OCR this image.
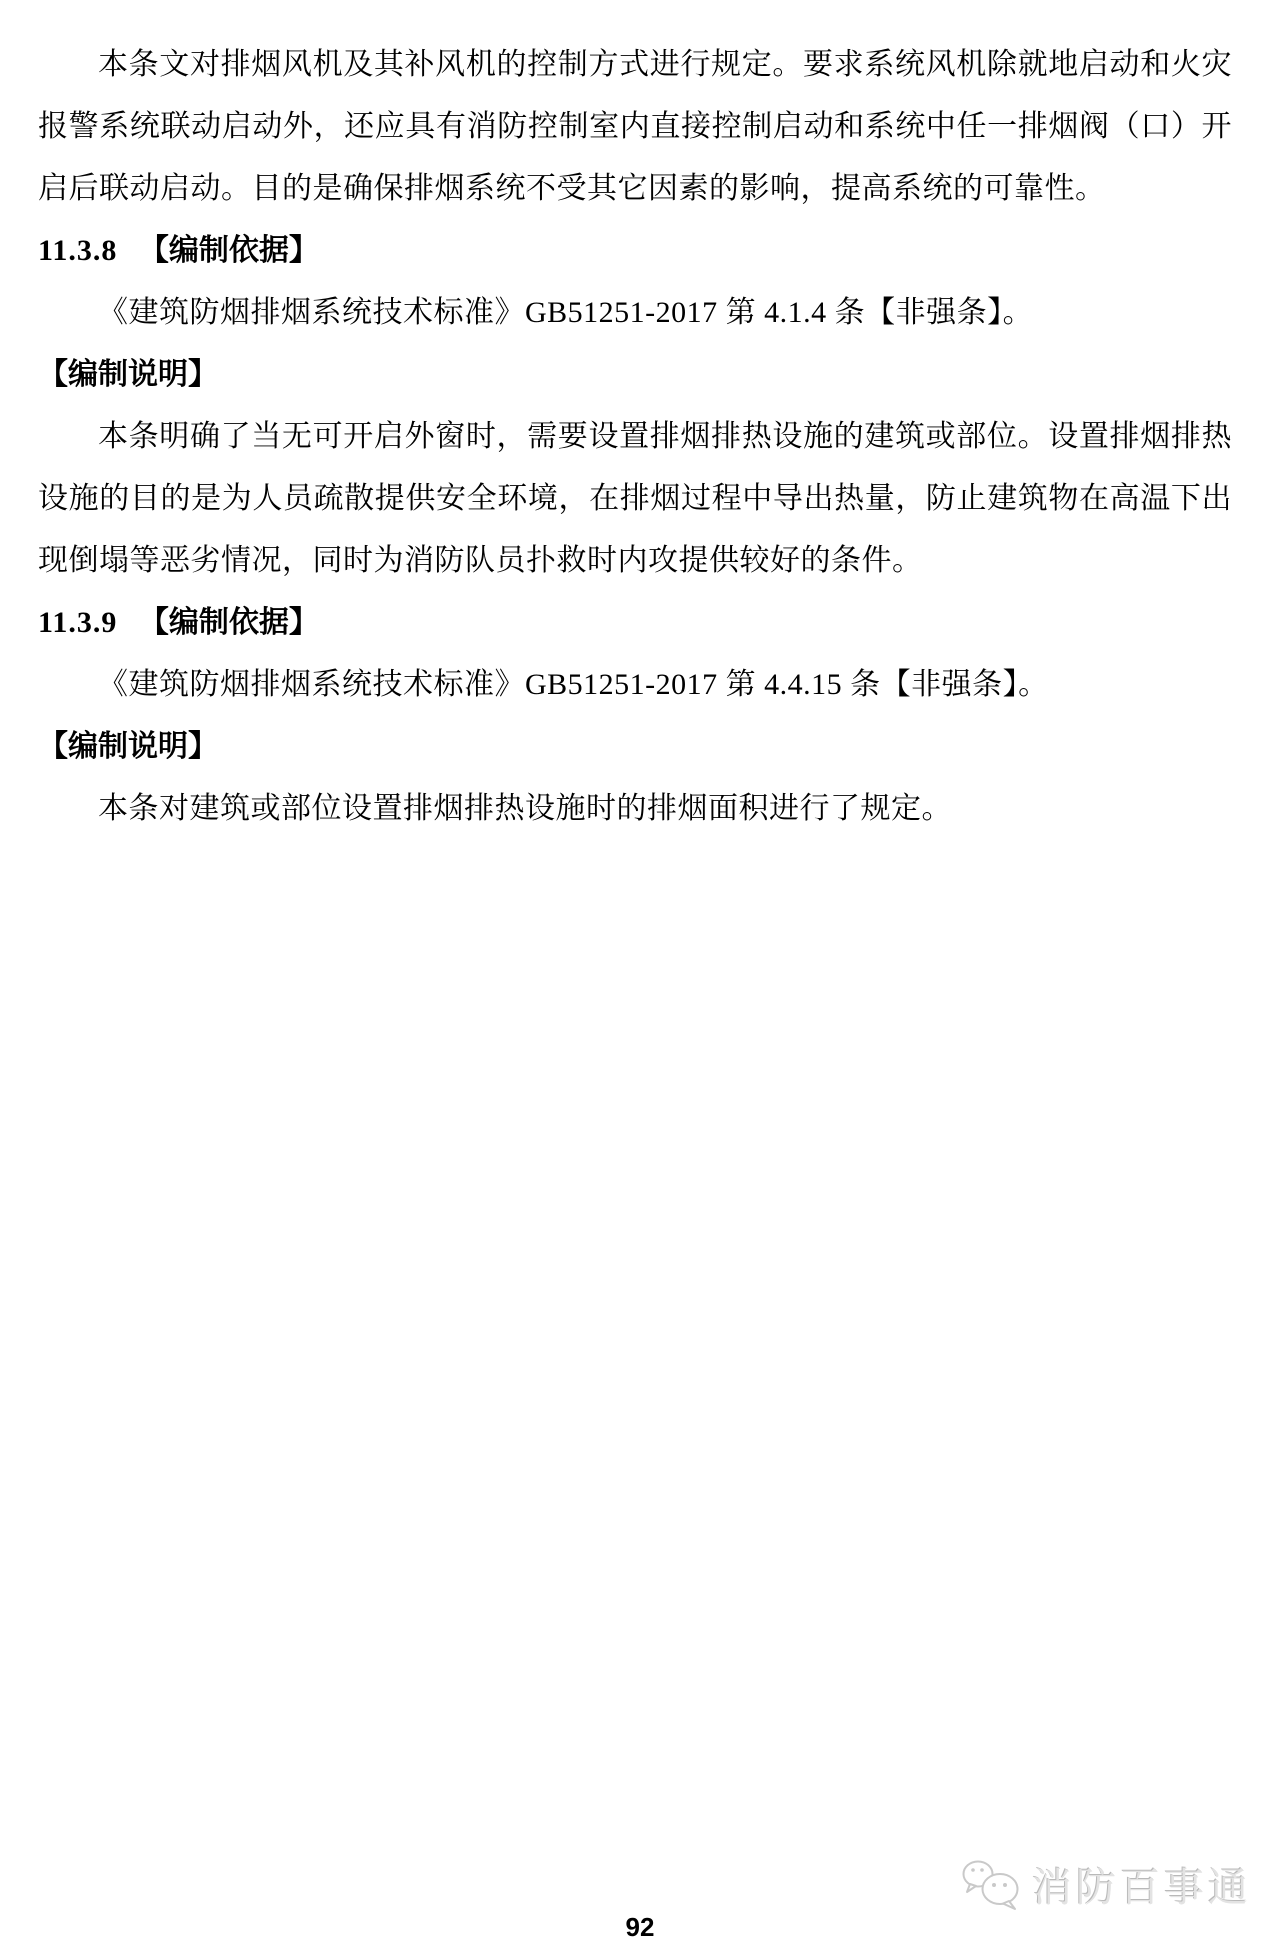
本条文对排烟风机及其补风机的控制方式进行规定。要求系统风机除就地启动和火灾报警系统联动启动外，还应具有消防控制室内直接控制启动和系统中任一排烟阀（口）开启后联动启动。目的是确保排烟系统不受其它因素的影响，提高系统的可靠性。

11.3.8 【编制依据】

《建筑防烟排烟系统技术标准》GB51251-2017 第 4.1.4 条【非强条】。

【编制说明】

本条明确了当无可开启外窗时，需要设置排烟排热设施的建筑或部位。设置排烟排热设施的目的是为人员疏散提供安全环境，在排烟过程中导出热量，防止建筑物在高温下出现倒塌等恶劣情况，同时为消防队员扑救时内攻提供较好的条件。

11.3.9 【编制依据】

《建筑防烟排烟系统技术标准》GB51251-2017 第 4.4.15 条【非强条】。

【编制说明】

本条对建筑或部位设置排烟排热设施时的排烟面积进行了规定。

消防百事通
92
